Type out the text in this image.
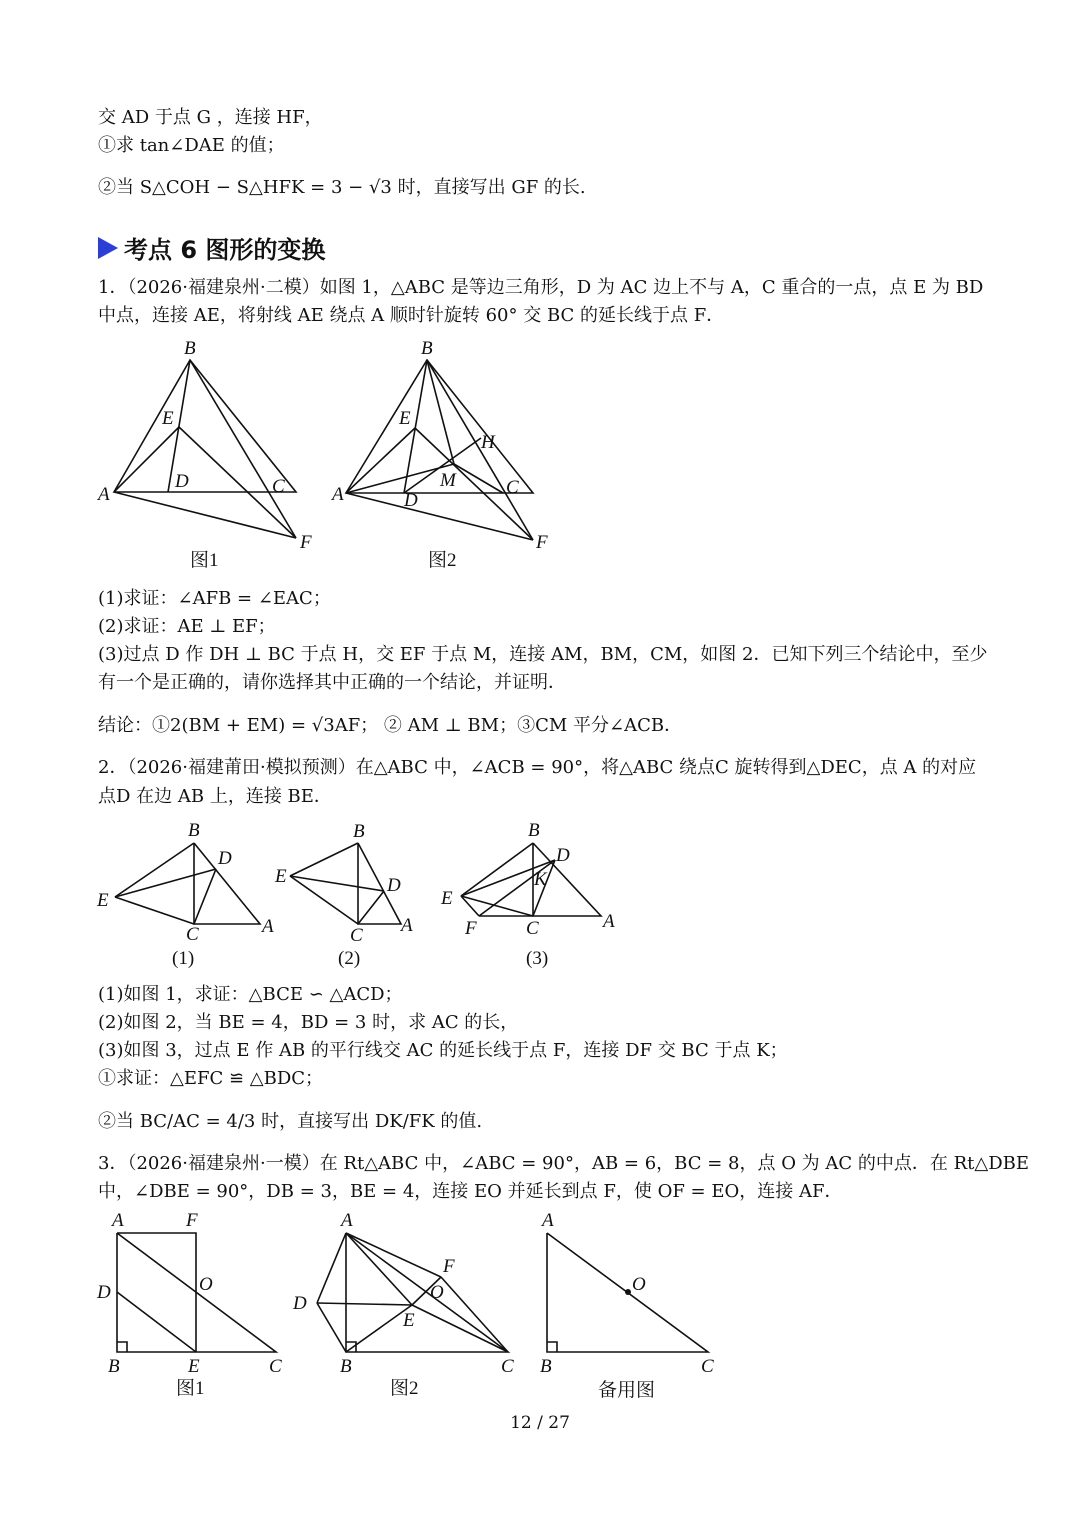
交 AD 于点 G ，连接 HF，
①求 tan∠DAE 的值；
②当 S△COH − S△HFK = 3 − √3 时，直接写出 GF 的长.
考点 6 图形的变换
1．（2026·福建泉州·二模）如图 1，△ABC 是等边三角形，D 为 AC 边上不与 A，C 重合的一点，点 E 为 BD
中点，连接 AE，将射线 AE 绕点 A 顺时针旋转 60° 交 BC 的延长线于点 F．
B
E
D
A	C
F
图1
B
E
H
M
A	D
C
F
图2
(1)求证：∠AFB = ∠EAC；
(2)求证：AE ⊥ EF；
(3)过点 D 作 DH ⊥ BC 于点 H，交 EF 于点 M，连接 AM，BM，CM，如图 2．已知下列三个结论中，至少
有一个是正确的，请你选择其中正确的一个结论，并证明．
结论：①2(BM + EM) = √3AF； ② AM ⊥ BM；③CM 平分∠ACB．
2．（2026·福建莆田·模拟预测）在△ABC 中，∠ACB = 90°，将△ABC 绕点C 旋转得到△DEC，点 A 的对应
点D 在边 AB 上，连接 BE．
B
D
E
C	A
(1)
B
E	D
C A
(2)
B
D
K
E
F	C	A
(3)
(1)如图 1，求证：△BCE ∽ △ACD；
(2)如图 2，当 BE = 4，BD = 3 时，求 AC 的长，
(3)如图 3，过点 E 作 AB 的平行线交 AC 的延长线于点 F，连接 DF 交 BC 于点 K；
①求证：△EFC ≌ △BDC；
②当 BC/AC = 4/3 时，直接写出 DK/FK 的值.
3．（2026·福建泉州·一模）在 Rt△ABC 中，∠ABC = 90°，AB = 6，BC = 8，点 O 为 AC 的中点．在 Rt△DBE
中，∠DBE = 90°，DB = 3，BE = 4，连接 EO 并延长到点 F，使 OF = EO，连接 AF．
A	F
D	O
B	E	C
图1
A
F
O
D
E
B	C
图2
A
O
B	C
备用图
12 / 27
